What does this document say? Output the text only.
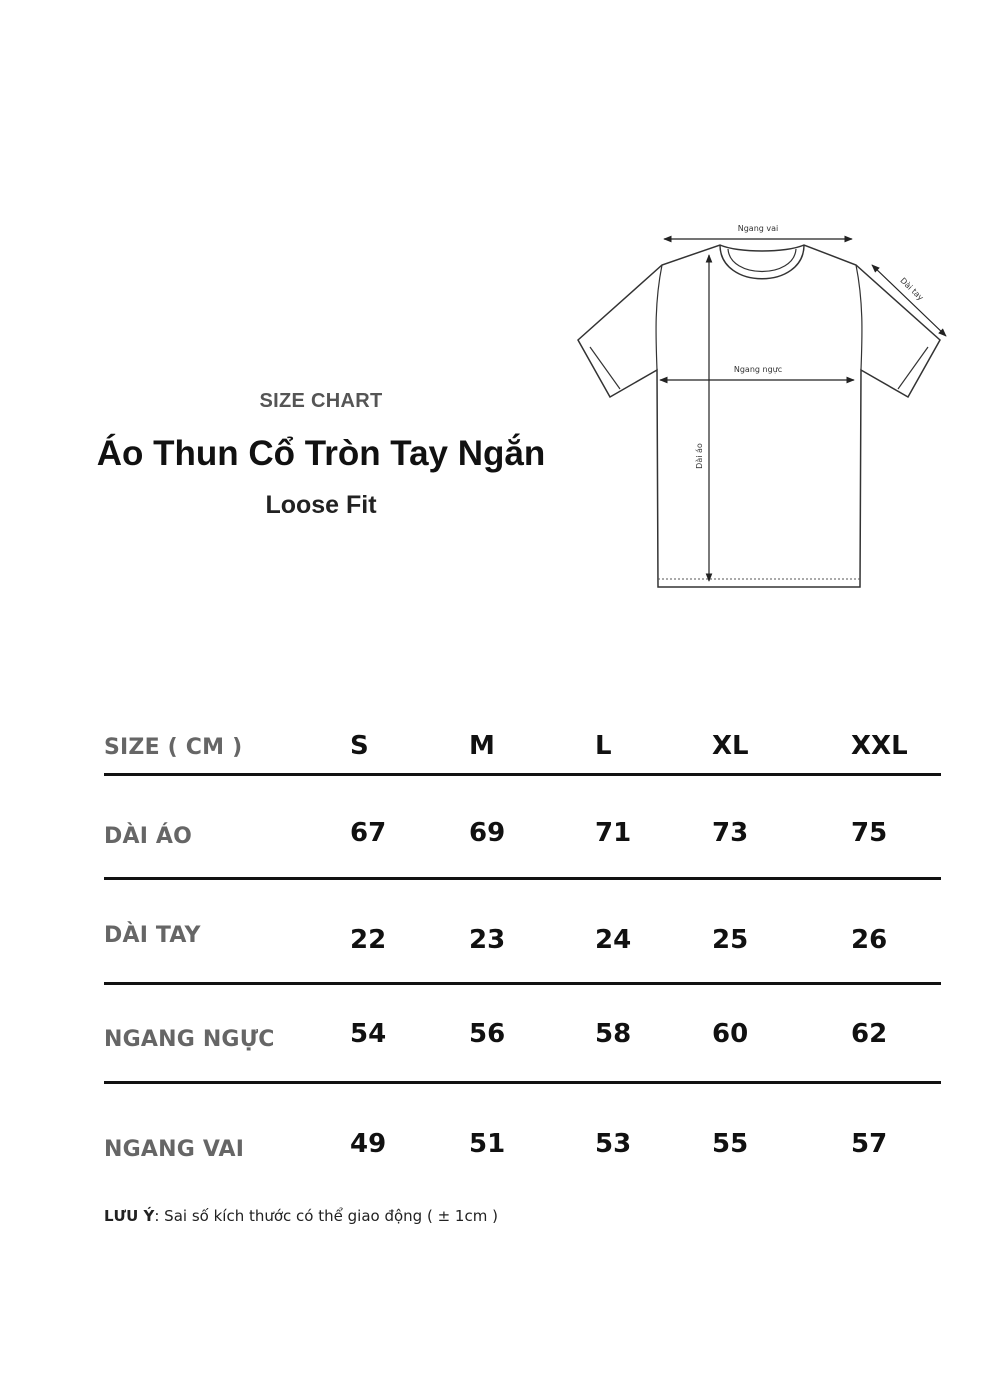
SIZE CHART
Áo Thun Cổ Tròn Tay Ngắn
Loose Fit
Ngang vai
Dài tay
Ngang ngực
Dài áo
SIZE ( CM )	S	M	L	XL	XXL
DÀI ÁO	67	69	71	73	75
DÀI TAY	22	23	24	25	26
NGANG NGỰC	54	56	58	60	62
NGANG VAI	49	51	53	55	57
LƯU Ý: Sai số kích thước có thể giao động ( ± 1cm )
